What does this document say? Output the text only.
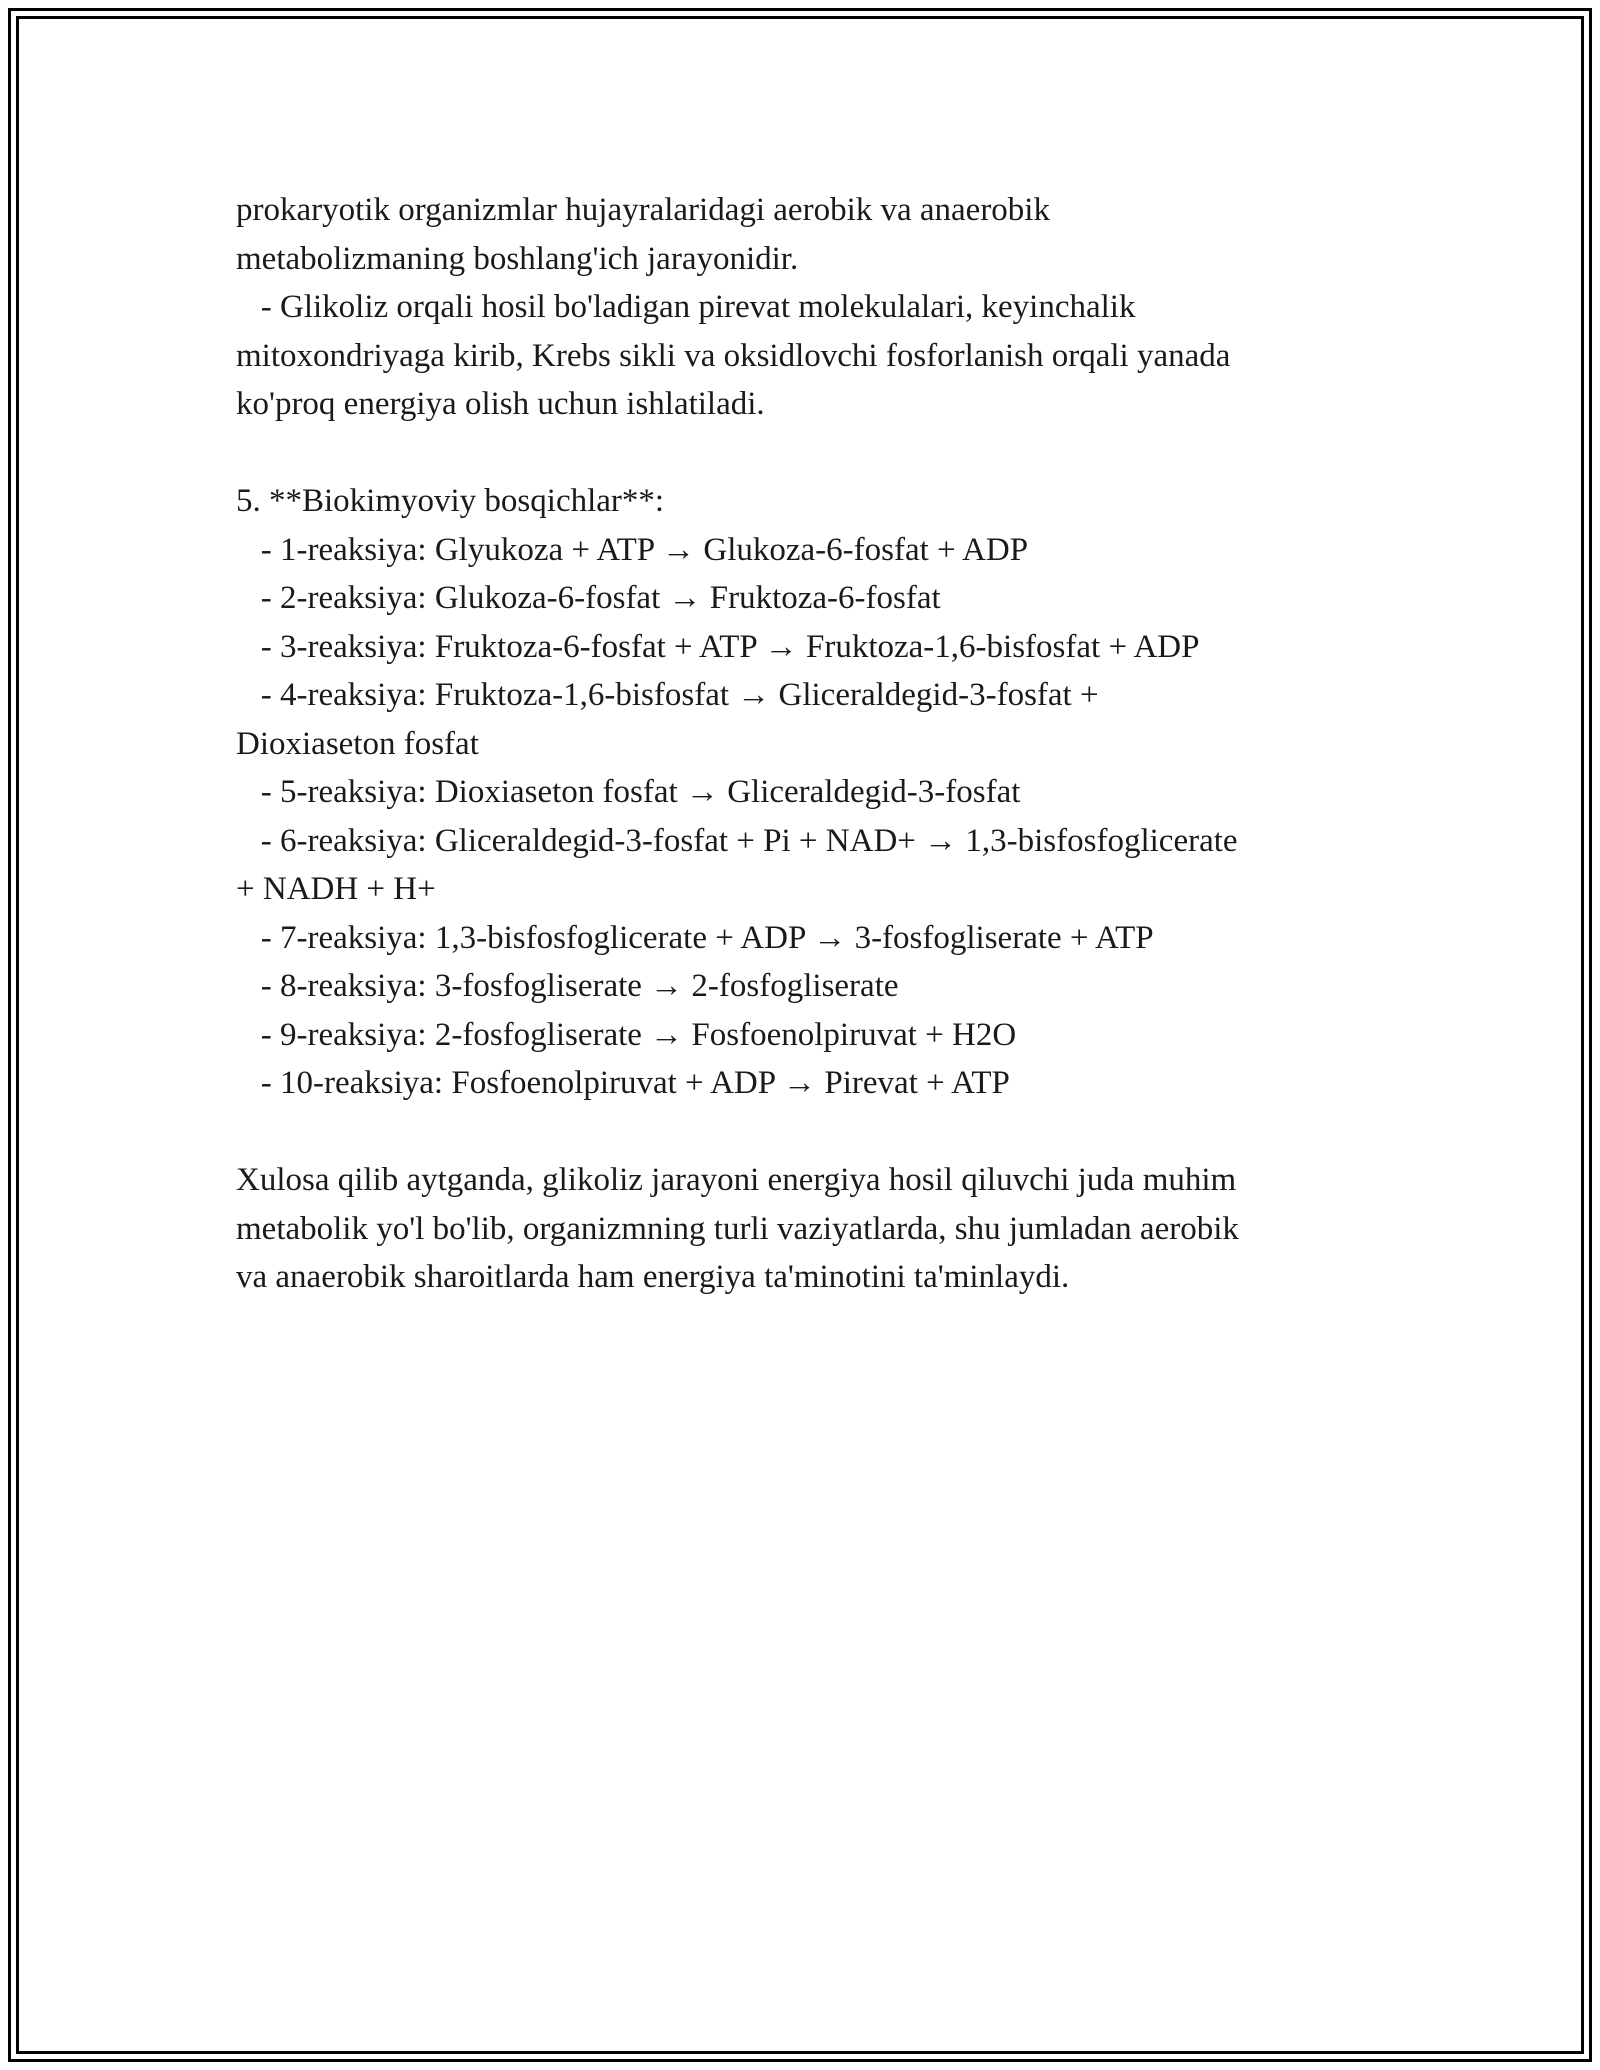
prokaryotik organizmlar hujayralaridagi aerobik va anaerobik
metabolizmaning boshlang'ich jarayonidir.
- Glikoliz orqali hosil bo'ladigan pirevat molekulalari, keyinchalik
mitoxondriyaga kirib, Krebs sikli va oksidlovchi fosforlanish orqali yanada
ko'proq energiya olish uchun ishlatiladi.
5. **Biokimyoviy bosqichlar**:
- 1-reaksiya: Glyukoza + ATP → Glukoza-6-fosfat + ADP
- 2-reaksiya: Glukoza-6-fosfat → Fruktoza-6-fosfat
- 3-reaksiya: Fruktoza-6-fosfat + ATP → Fruktoza-1,6-bisfosfat + ADP
- 4-reaksiya: Fruktoza-1,6-bisfosfat → Gliceraldegid-3-fosfat +
Dioxiaseton fosfat
- 5-reaksiya: Dioxiaseton fosfat → Gliceraldegid-3-fosfat
- 6-reaksiya: Gliceraldegid-3-fosfat + Pi + NAD+ → 1,3-bisfosfoglicerate
+ NADH + H+
- 7-reaksiya: 1,3-bisfosfoglicerate + ADP → 3-fosfogliserate + ATP
- 8-reaksiya: 3-fosfogliserate → 2-fosfogliserate
- 9-reaksiya: 2-fosfogliserate → Fosfoenolpiruvat + H2O
- 10-reaksiya: Fosfoenolpiruvat + ADP → Pirevat + ATP
Xulosa qilib aytganda, glikoliz jarayoni energiya hosil qiluvchi juda muhim
metabolik yo'l bo'lib, organizmning turli vaziyatlarda, shu jumladan aerobik
va anaerobik sharoitlarda ham energiya ta'minotini ta'minlaydi.
